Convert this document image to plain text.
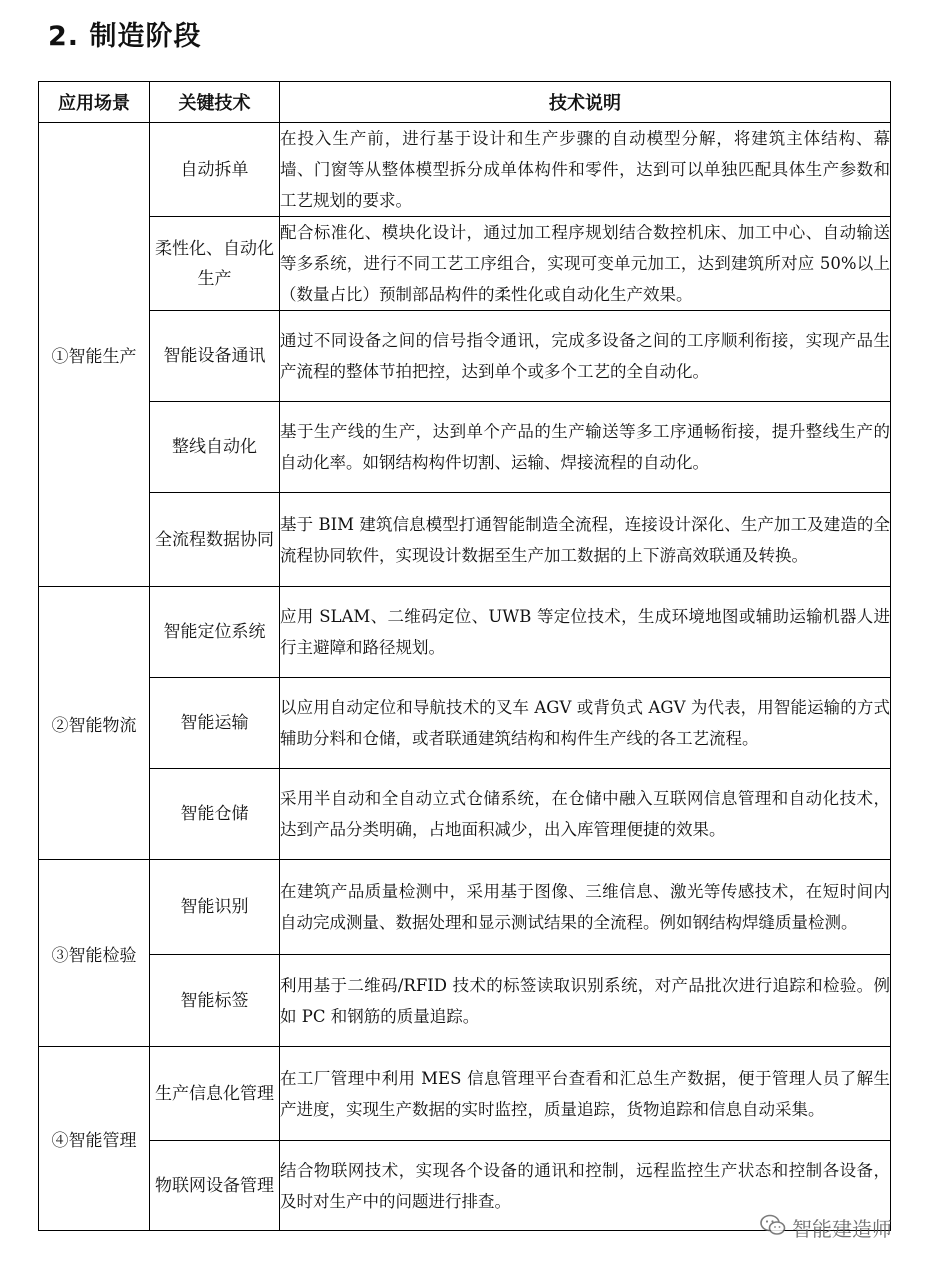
2. 制造阶段
应用场景	关键技术	技术说明
①智能生产	自动拆单	在投入生产前，进行基于设计和生产步骤的自动模型分解，将建筑主体结构、幕墙、门窗等从整体模型拆分成单体构件和零件，达到可以单独匹配具体生产参数和工艺规划的要求。
	柔性化、自动化生产	配合标准化、模块化设计，通过加工程序规划结合数控机床、加工中心、自动输送等多系统，进行不同工艺工序组合，实现可变单元加工，达到建筑所对应 50%以上（数量占比）预制部品构件的柔性化或自动化生产效果。
	智能设备通讯	通过不同设备之间的信号指令通讯，完成多设备之间的工序顺利衔接，实现产品生产流程的整体节拍把控，达到单个或多个工艺的全自动化。
	整线自动化	基于生产线的生产，达到单个产品的生产输送等多工序通畅衔接，提升整线生产的自动化率。如钢结构构件切割、运输、焊接流程的自动化。
	全流程数据协同	基于 BIM 建筑信息模型打通智能制造全流程，连接设计深化、生产加工及建造的全流程协同软件，实现设计数据至生产加工数据的上下游高效联通及转换。
②智能物流	智能定位系统	应用 SLAM、二维码定位、UWB 等定位技术，生成环境地图或辅助运输机器人进行主避障和路径规划。
	智能运输	以应用自动定位和导航技术的叉车 AGV 或背负式 AGV 为代表，用智能运输的方式辅助分料和仓储，或者联通建筑结构和构件生产线的各工艺流程。
	智能仓储	采用半自动和全自动立式仓储系统，在仓储中融入互联网信息管理和自动化技术，达到产品分类明确，占地面积减少，出入库管理便捷的效果。
③智能检验	智能识别	在建筑产品质量检测中，采用基于图像、三维信息、激光等传感技术，在短时间内自动完成测量、数据处理和显示测试结果的全流程。例如钢结构焊缝质量检测。
	智能标签	利用基于二维码/RFID 技术的标签读取识别系统，对产品批次进行追踪和检验。例如 PC 和钢筋的质量追踪。
④智能管理	生产信息化管理	在工厂管理中利用 MES 信息管理平台查看和汇总生产数据，便于管理人员了解生产进度，实现生产数据的实时监控，质量追踪，货物追踪和信息自动采集。
	物联网设备管理	结合物联网技术，实现各个设备的通讯和控制，远程监控生产状态和控制各设备，及时对生产中的问题进行排查。
智能建造师
